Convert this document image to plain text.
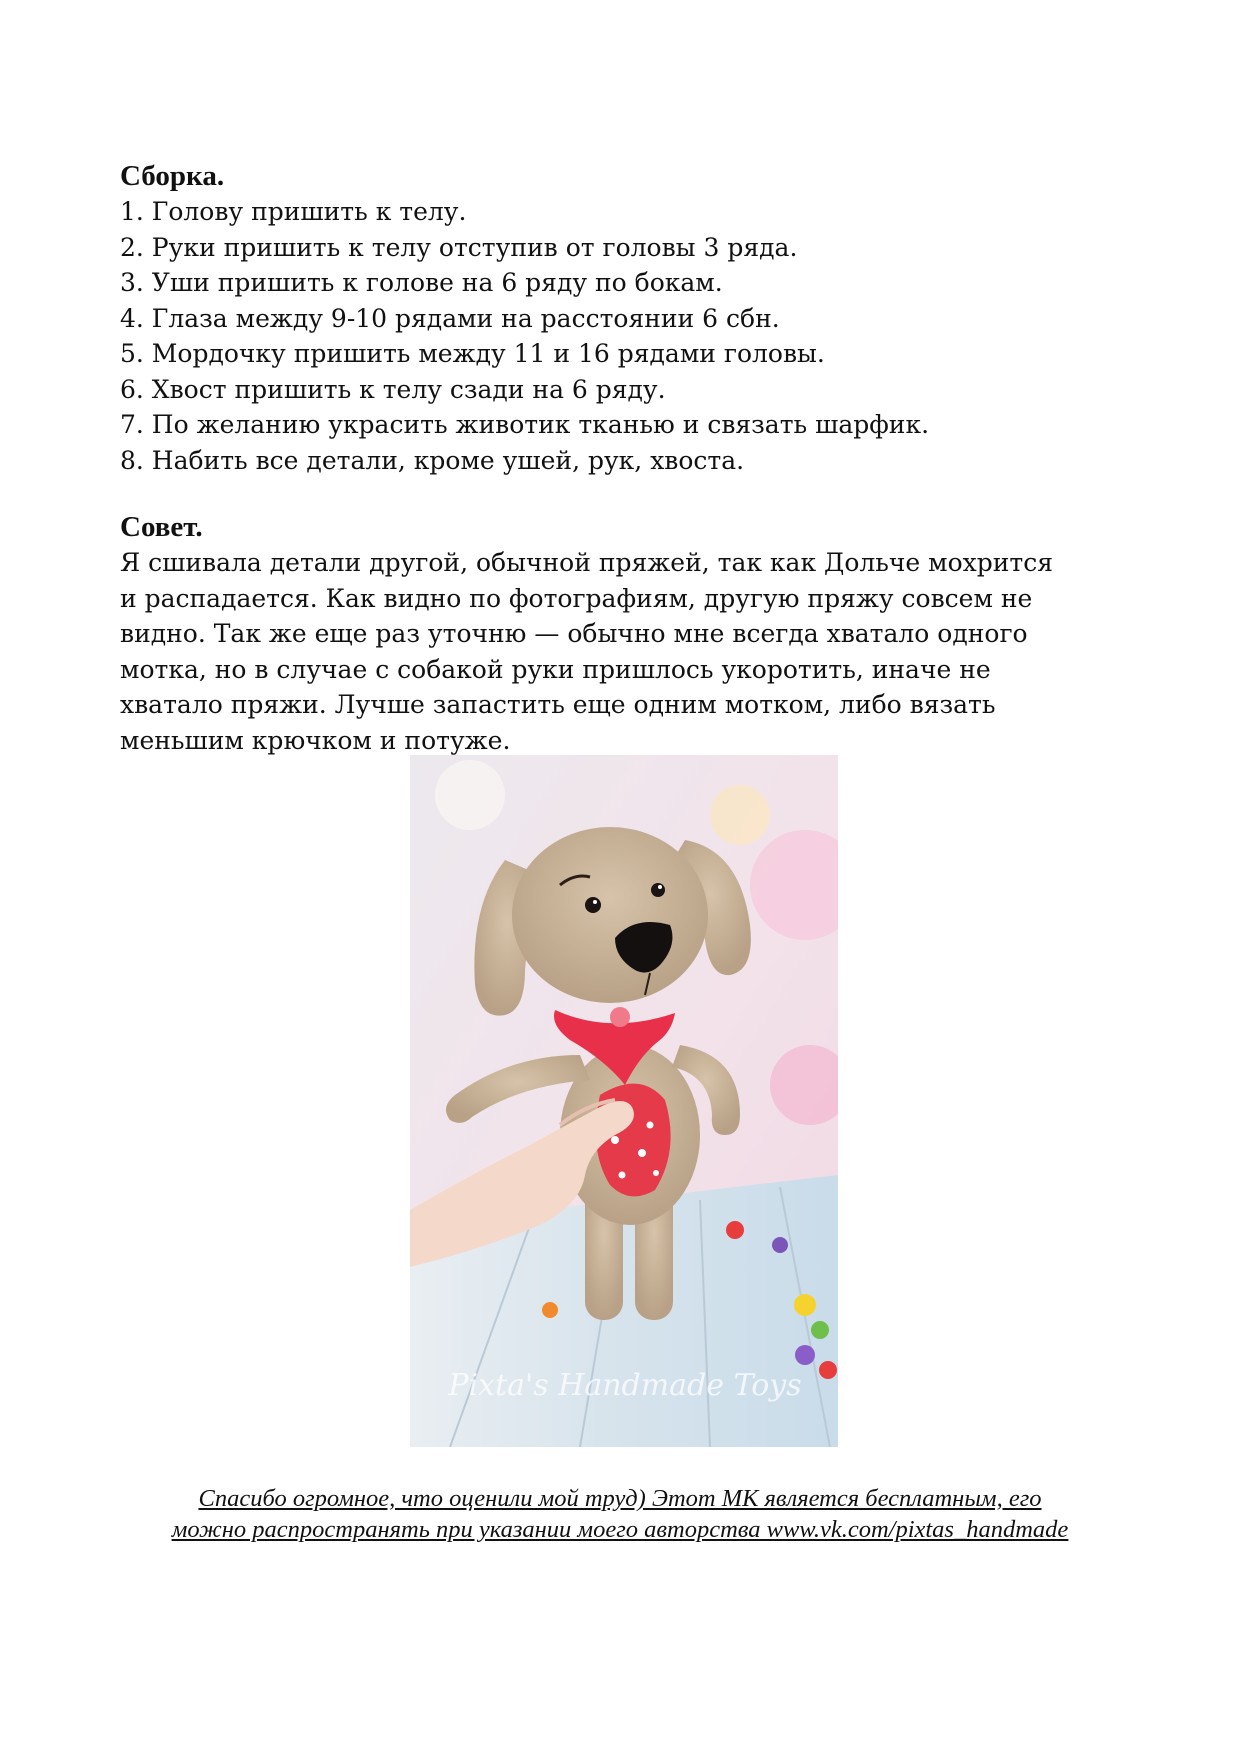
Сборка.
1. Голову пришить к телу.
2. Руки пришить к телу отступив от головы 3 ряда.
3. Уши пришить к голове на 6 ряду по бокам.
4. Глаза между 9-10 рядами на расстоянии 6 сбн.
5. Мордочку пришить между 11 и 16 рядами головы.
6. Хвост пришить к телу сзади на 6 ряду.
7. По желанию украсить животик тканью и связать шарфик.
8. Набить все детали, кроме ушей, рук, хвоста.
Совет.

Я сшивала детали другой, обычной пряжей, так как Дольче мохрится
и распадается. Как видно по фотографиям, другую пряжу совсем не
видно. Так же еще раз уточню — обычно мне всегда хватало одного
мотка, но в случае с собакой руки пришлось укоротить, иначе не
хватало пряжи. Лучше запастить еще одним мотком, либо вязать
меньшим крючком и потуже.

Pixta's Handmade Toys
Спасибо огромное, что оценили мой труд) Этот МК является бесплатным, его
можно распространять при указании моего авторства www.vk.com/pixtas_handmade
